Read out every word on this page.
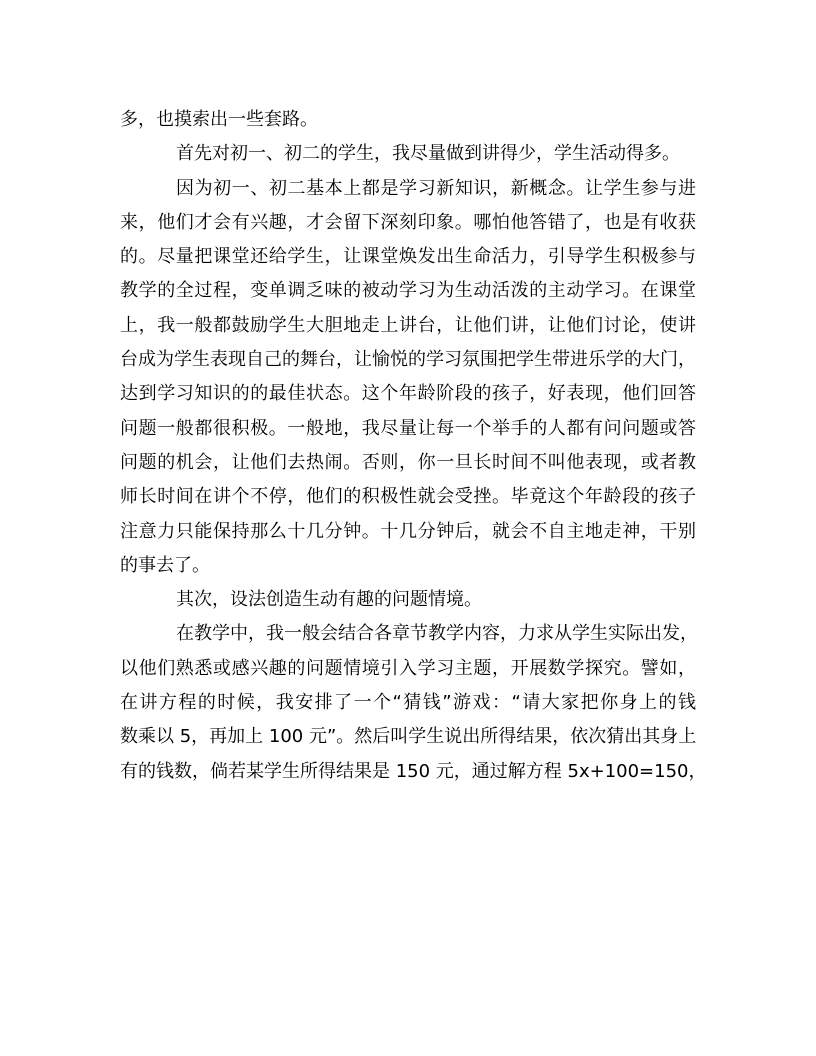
多，也摸索出一些套路。
首先对初一、初二的学生，我尽量做到讲得少，学生活动得多。
因为初一、初二基本上都是学习新知识，新概念。让学生参与进
来，他们才会有兴趣，才会留下深刻印象。哪怕他答错了，也是有收获
的。尽量把课堂还给学生，让课堂焕发出生命活力，引导学生积极参与
教学的全过程，变单调乏味的被动学习为生动活泼的主动学习。在课堂
上，我一般都鼓励学生大胆地走上讲台，让他们讲，让他们讨论，使讲
台成为学生表现自己的舞台，让愉悦的学习氛围把学生带进乐学的大门，
达到学习知识的的最佳状态。这个年龄阶段的孩子，好表现，他们回答
问题一般都很积极。一般地，我尽量让每一个举手的人都有问问题或答
问题的机会，让他们去热闹。否则，你一旦长时间不叫他表现，或者教
师长时间在讲个不停，他们的积极性就会受挫。毕竟这个年龄段的孩子
注意力只能保持那么十几分钟。十几分钟后，就会不自主地走神，干别
的事去了。
其次，设法创造生动有趣的问题情境。
在教学中，我一般会结合各章节教学内容，力求从学生实际出发，
以他们熟悉或感兴趣的问题情境引入学习主题，开展数学探究。譬如，
在讲方程的时候，我安排了一个“猜钱”游戏：“请大家把你身上的钱
数乘以 5，再加上 100 元”。然后叫学生说出所得结果，依次猜出其身上
有的钱数，倘若某学生所得结果是 150 元，通过解方程 5x+100=150，
